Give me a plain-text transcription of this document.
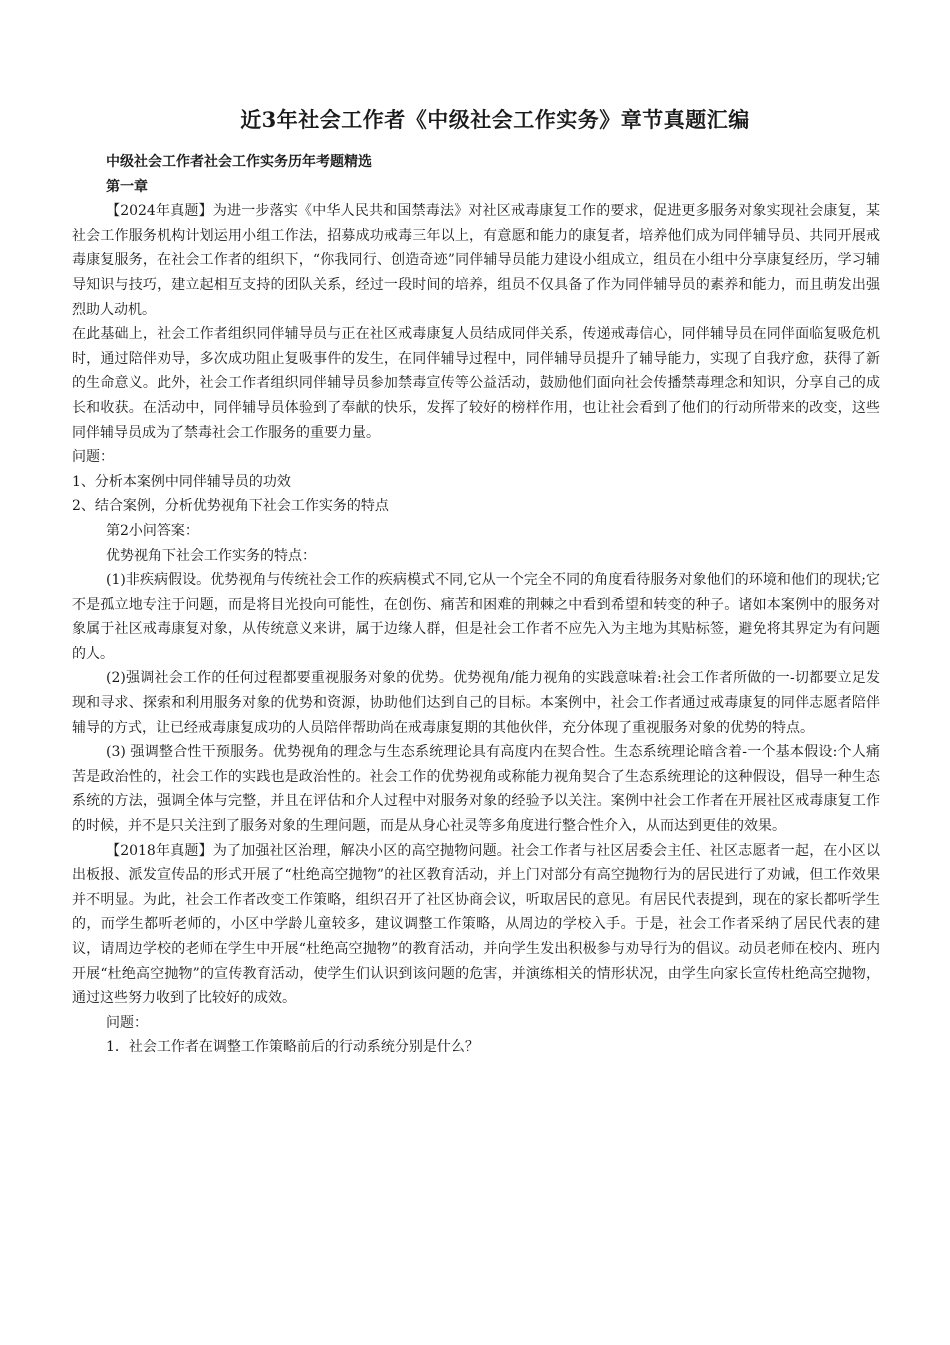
近3年社会工作者《中级社会工作实务》章节真题汇编

中级社会工作者社会工作实务历年考题精选

第一章

【2024年真题】为进一步落实《中华人民共和国禁毒法》对社区戒毒康复工作的要求，促进更多服务对象实现社会康复，某社会工作服务机构计划运用小组工作法，招募成功戒毒三年以上，有意愿和能力的康复者，培养他们成为同伴辅导员、共同开展戒毒康复服务，在社会工作者的组织下，“你我同行、创造奇迹”同伴辅导员能力建设小组成立，组员在小组中分享康复经历，学习辅导知识与技巧，建立起相互支持的团队关系，经过一段时间的培养，组员不仅具备了作为同伴辅导员的素养和能力，而且萌发出强烈助人动机。

在此基础上，社会工作者组织同伴辅导员与正在社区戒毒康复人员结成同伴关系，传递戒毒信心，同伴辅导员在同伴面临复吸危机时，通过陪伴劝导，多次成功阻止复吸事件的发生，在同伴辅导过程中，同伴辅导员提升了辅导能力，实现了自我疗愈，获得了新的生命意义。此外，社会工作者组织同伴辅导员参加禁毒宣传等公益活动，鼓励他们面向社会传播禁毒理念和知识，分享自己的成长和收获。在活动中，同伴辅导员体验到了奉献的快乐，发挥了较好的榜样作用，也让社会看到了他们的行动所带来的改变，这些同伴辅导员成为了禁毒社会工作服务的重要力量。

问题：

1、分析本案例中同伴辅导员的功效

2、结合案例，分析优势视角下社会工作实务的特点

第2小问答案：

优势视角下社会工作实务的特点：

(1)非疾病假设。优势视角与传统社会工作的疾病模式不同,它从一个完全不同的角度看待服务对象他们的环境和他们的现状;它不是孤立地专注于问题，而是将目光投向可能性，在创伤、痛苦和困难的荆棘之中看到希望和转变的种子。诸如本案例中的服务对象属于社区戒毒康复对象，从传统意义来讲，属于边缘人群，但是社会工作者不应先入为主地为其贴标签，避免将其界定为有问题的人。

(2)强调社会工作的任何过程都要重视服务对象的优势。优势视角/能力视角的实践意味着:社会工作者所做的一-切都要立足发现和寻求、探索和利用服务对象的优势和资源，协助他们达到自己的目标。本案例中，社会工作者通过戒毒康复的同伴志愿者陪伴辅导的方式，让已经戒毒康复成功的人员陪伴帮助尚在戒毒康复期的其他伙伴，充分体现了重视服务对象的优势的特点。

(3) 强调整合性干预服务。优势视角的理念与生态系统理论具有高度内在契合性。生态系统理论暗含着-一个基本假设:个人痛苦是政治性的，社会工作的实践也是政治性的。社会工作的优势视角或称能力视角契合了生态系统理论的这种假设，倡导一种生态系统的方法，强调全体与完整，并且在评估和介人过程中对服务对象的经验予以关注。案例中社会工作者在开展社区戒毒康复工作的时候，并不是只关注到了服务对象的生理问题，而是从身心社灵等多角度进行整合性介入，从而达到更佳的效果。

【2018年真题】为了加强社区治理，解决小区的高空抛物问题。社会工作者与社区居委会主任、社区志愿者一起，在小区以出板报、派发宣传品的形式开展了“杜绝高空抛物”的社区教育活动，并上门对部分有高空抛物行为的居民进行了劝诫，但工作效果并不明显。为此，社会工作者改变工作策略，组织召开了社区协商会议，听取居民的意见。有居民代表提到，现在的家长都听学生的，而学生都听老师的，小区中学龄儿童较多，建议调整工作策略，从周边的学校入手。于是，社会工作者采纳了居民代表的建议，请周边学校的老师在学生中开展“杜绝高空抛物”的教育活动，并向学生发出积极参与劝导行为的倡议。动员老师在校内、班内开展“杜绝高空抛物”的宣传教育活动，使学生们认识到该问题的危害，并演练相关的情形状况，由学生向家长宣传杜绝高空抛物，通过这些努力收到了比较好的成效。

问题：

1．社会工作者在调整工作策略前后的行动系统分别是什么？
